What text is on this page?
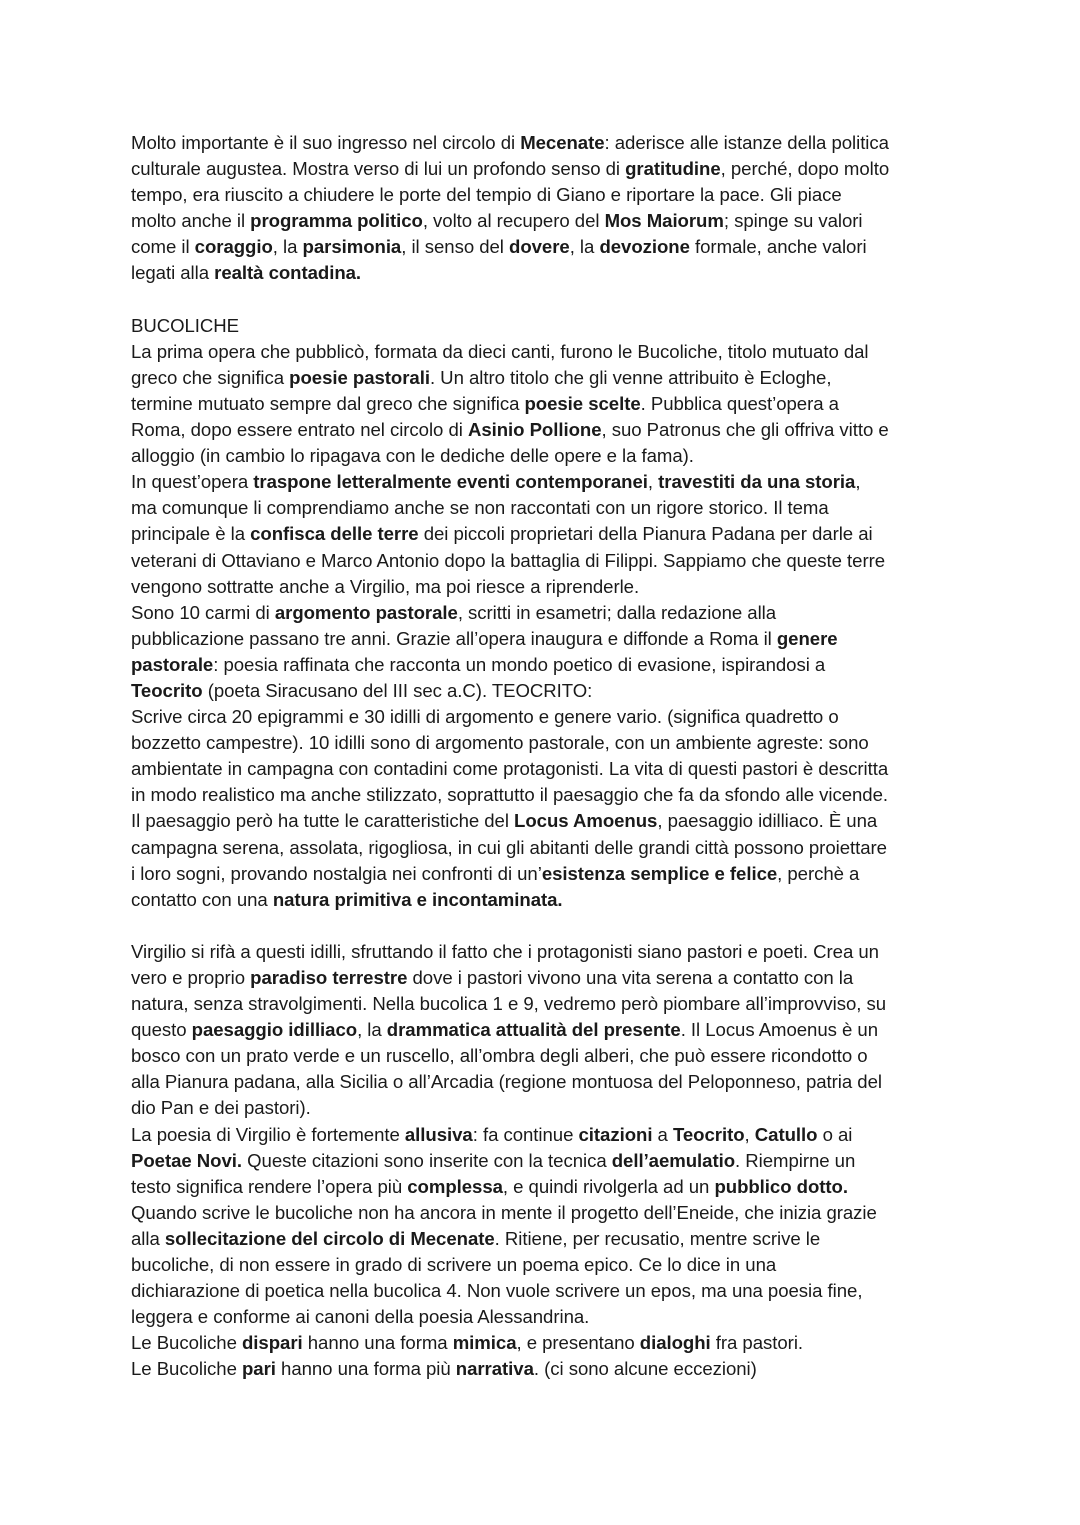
Molto importante è il suo ingresso nel circolo di Mecenate: aderisce alle istanze della politica
culturale augustea. Mostra verso di lui un profondo senso di gratitudine, perché, dopo molto
tempo, era riuscito a chiudere le porte del tempio di Giano e riportare la pace. Gli piace
molto anche il programma politico, volto al recupero del Mos Maiorum; spinge su valori
come il coraggio, la parsimonia, il senso del dovere, la devozione formale, anche valori
legati alla realtà contadina.
BUCOLICHE
La prima opera che pubblicò, formata da dieci canti, furono le Bucoliche, titolo mutuato dal
greco che significa poesie pastorali. Un altro titolo che gli venne attribuito è Ecloghe,
termine mutuato sempre dal greco che significa poesie scelte. Pubblica quest’opera a
Roma, dopo essere entrato nel circolo di Asinio Pollione, suo Patronus che gli offriva vitto e
alloggio (in cambio lo ripagava con le dediche delle opere e la fama).
In quest’opera traspone letteralmente eventi contemporanei, travestiti da una storia,
ma comunque li comprendiamo anche se non raccontati con un rigore storico. Il tema
principale è la confisca delle terre dei piccoli proprietari della Pianura Padana per darle ai
veterani di Ottaviano e Marco Antonio dopo la battaglia di Filippi. Sappiamo che queste terre
vengono sottratte anche a Virgilio, ma poi riesce a riprenderle.
Sono 10 carmi di argomento pastorale, scritti in esametri; dalla redazione alla
pubblicazione passano tre anni. Grazie all’opera inaugura e diffonde a Roma il genere
pastorale: poesia raffinata che racconta un mondo poetico di evasione, ispirandosi a
Teocrito (poeta Siracusano del III sec a.C). TEOCRITO:
Scrive circa 20 epigrammi e 30 idilli di argomento e genere vario. (significa quadretto o
bozzetto campestre). 10 idilli sono di argomento pastorale, con un ambiente agreste: sono
ambientate in campagna con contadini come protagonisti. La vita di questi pastori è descritta
in modo realistico ma anche stilizzato, soprattutto il paesaggio che fa da sfondo alle vicende.
Il paesaggio però ha tutte le caratteristiche del Locus Amoenus, paesaggio idilliaco. È una
campagna serena, assolata, rigogliosa, in cui gli abitanti delle grandi città possono proiettare
i loro sogni, provando nostalgia nei confronti di un’esistenza semplice e felice, perchè a
contatto con una natura primitiva e incontaminata.
Virgilio si rifà a questi idilli, sfruttando il fatto che i protagonisti siano pastori e poeti. Crea un
vero e proprio paradiso terrestre dove i pastori vivono una vita serena a contatto con la
natura, senza stravolgimenti. Nella bucolica 1 e 9, vedremo però piombare all’improvviso, su
questo paesaggio idilliaco, la drammatica attualità del presente. Il Locus Amoenus è un
bosco con un prato verde e un ruscello, all’ombra degli alberi, che può essere ricondotto o
alla Pianura padana, alla Sicilia o all’Arcadia (regione montuosa del Peloponneso, patria del
dio Pan e dei pastori).
La poesia di Virgilio è fortemente allusiva: fa continue citazioni a Teocrito, Catullo o ai
Poetae Novi. Queste citazioni sono inserite con la tecnica dell’aemulatio. Riempirne un
testo significa rendere l’opera più complessa, e quindi rivolgerla ad un pubblico dotto.
Quando scrive le bucoliche non ha ancora in mente il progetto dell’Eneide, che inizia grazie
alla sollecitazione del circolo di Mecenate. Ritiene, per recusatio, mentre scrive le
bucoliche, di non essere in grado di scrivere un poema epico. Ce lo dice in una
dichiarazione di poetica nella bucolica 4. Non vuole scrivere un epos, ma una poesia fine,
leggera e conforme ai canoni della poesia Alessandrina.
Le Bucoliche dispari hanno una forma mimica, e presentano dialoghi fra pastori.
Le Bucoliche pari hanno una forma più narrativa. (ci sono alcune eccezioni)
